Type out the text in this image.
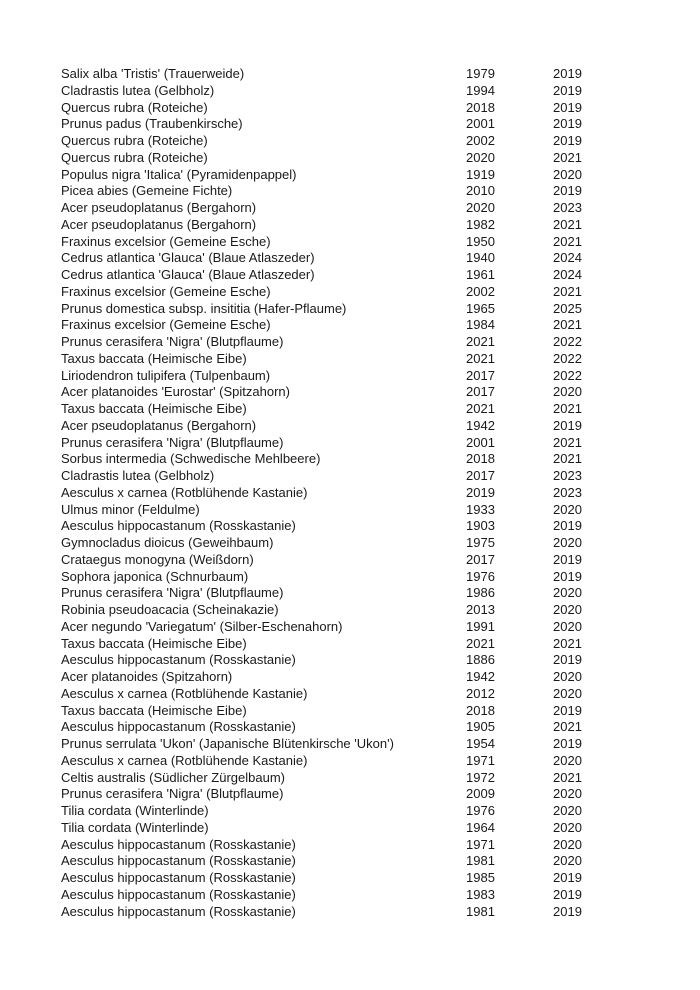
Salix alba 'Tristis' (Trauerweide)	1979	2019
Cladrastis lutea (Gelbholz)	1994	2019
Quercus rubra (Roteiche)	2018	2019
Prunus padus (Traubenkirsche)	2001	2019
Quercus rubra (Roteiche)	2002	2019
Quercus rubra (Roteiche)	2020	2021
Populus nigra 'Italica' (Pyramidenpappel)	1919	2020
Picea abies (Gemeine Fichte)	2010	2019
Acer pseudoplatanus (Bergahorn)	2020	2023
Acer pseudoplatanus (Bergahorn)	1982	2021
Fraxinus excelsior (Gemeine Esche)	1950	2021
Cedrus atlantica 'Glauca' (Blaue Atlaszeder)	1940	2024
Cedrus atlantica 'Glauca' (Blaue Atlaszeder)	1961	2024
Fraxinus excelsior (Gemeine Esche)	2002	2021
Prunus domestica subsp. insititia (Hafer-Pflaume)	1965	2025
Fraxinus excelsior (Gemeine Esche)	1984	2021
Prunus cerasifera 'Nigra' (Blutpflaume)	2021	2022
Taxus baccata (Heimische Eibe)	2021	2022
Liriodendron tulipifera (Tulpenbaum)	2017	2022
Acer platanoides 'Eurostar' (Spitzahorn)	2017	2020
Taxus baccata (Heimische Eibe)	2021	2021
Acer pseudoplatanus (Bergahorn)	1942	2019
Prunus cerasifera 'Nigra' (Blutpflaume)	2001	2021
Sorbus intermedia (Schwedische Mehlbeere)	2018	2021
Cladrastis lutea (Gelbholz)	2017	2023
Aesculus x carnea (Rotblühende Kastanie)	2019	2023
Ulmus minor (Feldulme)	1933	2020
Aesculus hippocastanum (Rosskastanie)	1903	2019
Gymnocladus dioicus (Geweihbaum)	1975	2020
Crataegus monogyna (Weißdorn)	2017	2019
Sophora japonica (Schnurbaum)	1976	2019
Prunus cerasifera 'Nigra' (Blutpflaume)	1986	2020
Robinia pseudoacacia (Scheinakazie)	2013	2020
Acer negundo 'Variegatum' (Silber-Eschenahorn)	1991	2020
Taxus baccata (Heimische Eibe)	2021	2021
Aesculus hippocastanum (Rosskastanie)	1886	2019
Acer platanoides (Spitzahorn)	1942	2020
Aesculus x carnea (Rotblühende Kastanie)	2012	2020
Taxus baccata (Heimische Eibe)	2018	2019
Aesculus hippocastanum (Rosskastanie)	1905	2021
Prunus serrulata 'Ukon' (Japanische Blütenkirsche 'Ukon')	1954	2019
Aesculus x carnea (Rotblühende Kastanie)	1971	2020
Celtis australis (Südlicher Zürgelbaum)	1972	2021
Prunus cerasifera 'Nigra' (Blutpflaume)	2009	2020
Tilia cordata (Winterlinde)	1976	2020
Tilia cordata (Winterlinde)	1964	2020
Aesculus hippocastanum (Rosskastanie)	1971	2020
Aesculus hippocastanum (Rosskastanie)	1981	2020
Aesculus hippocastanum (Rosskastanie)	1985	2019
Aesculus hippocastanum (Rosskastanie)	1983	2019
Aesculus hippocastanum (Rosskastanie)	1981	2019
